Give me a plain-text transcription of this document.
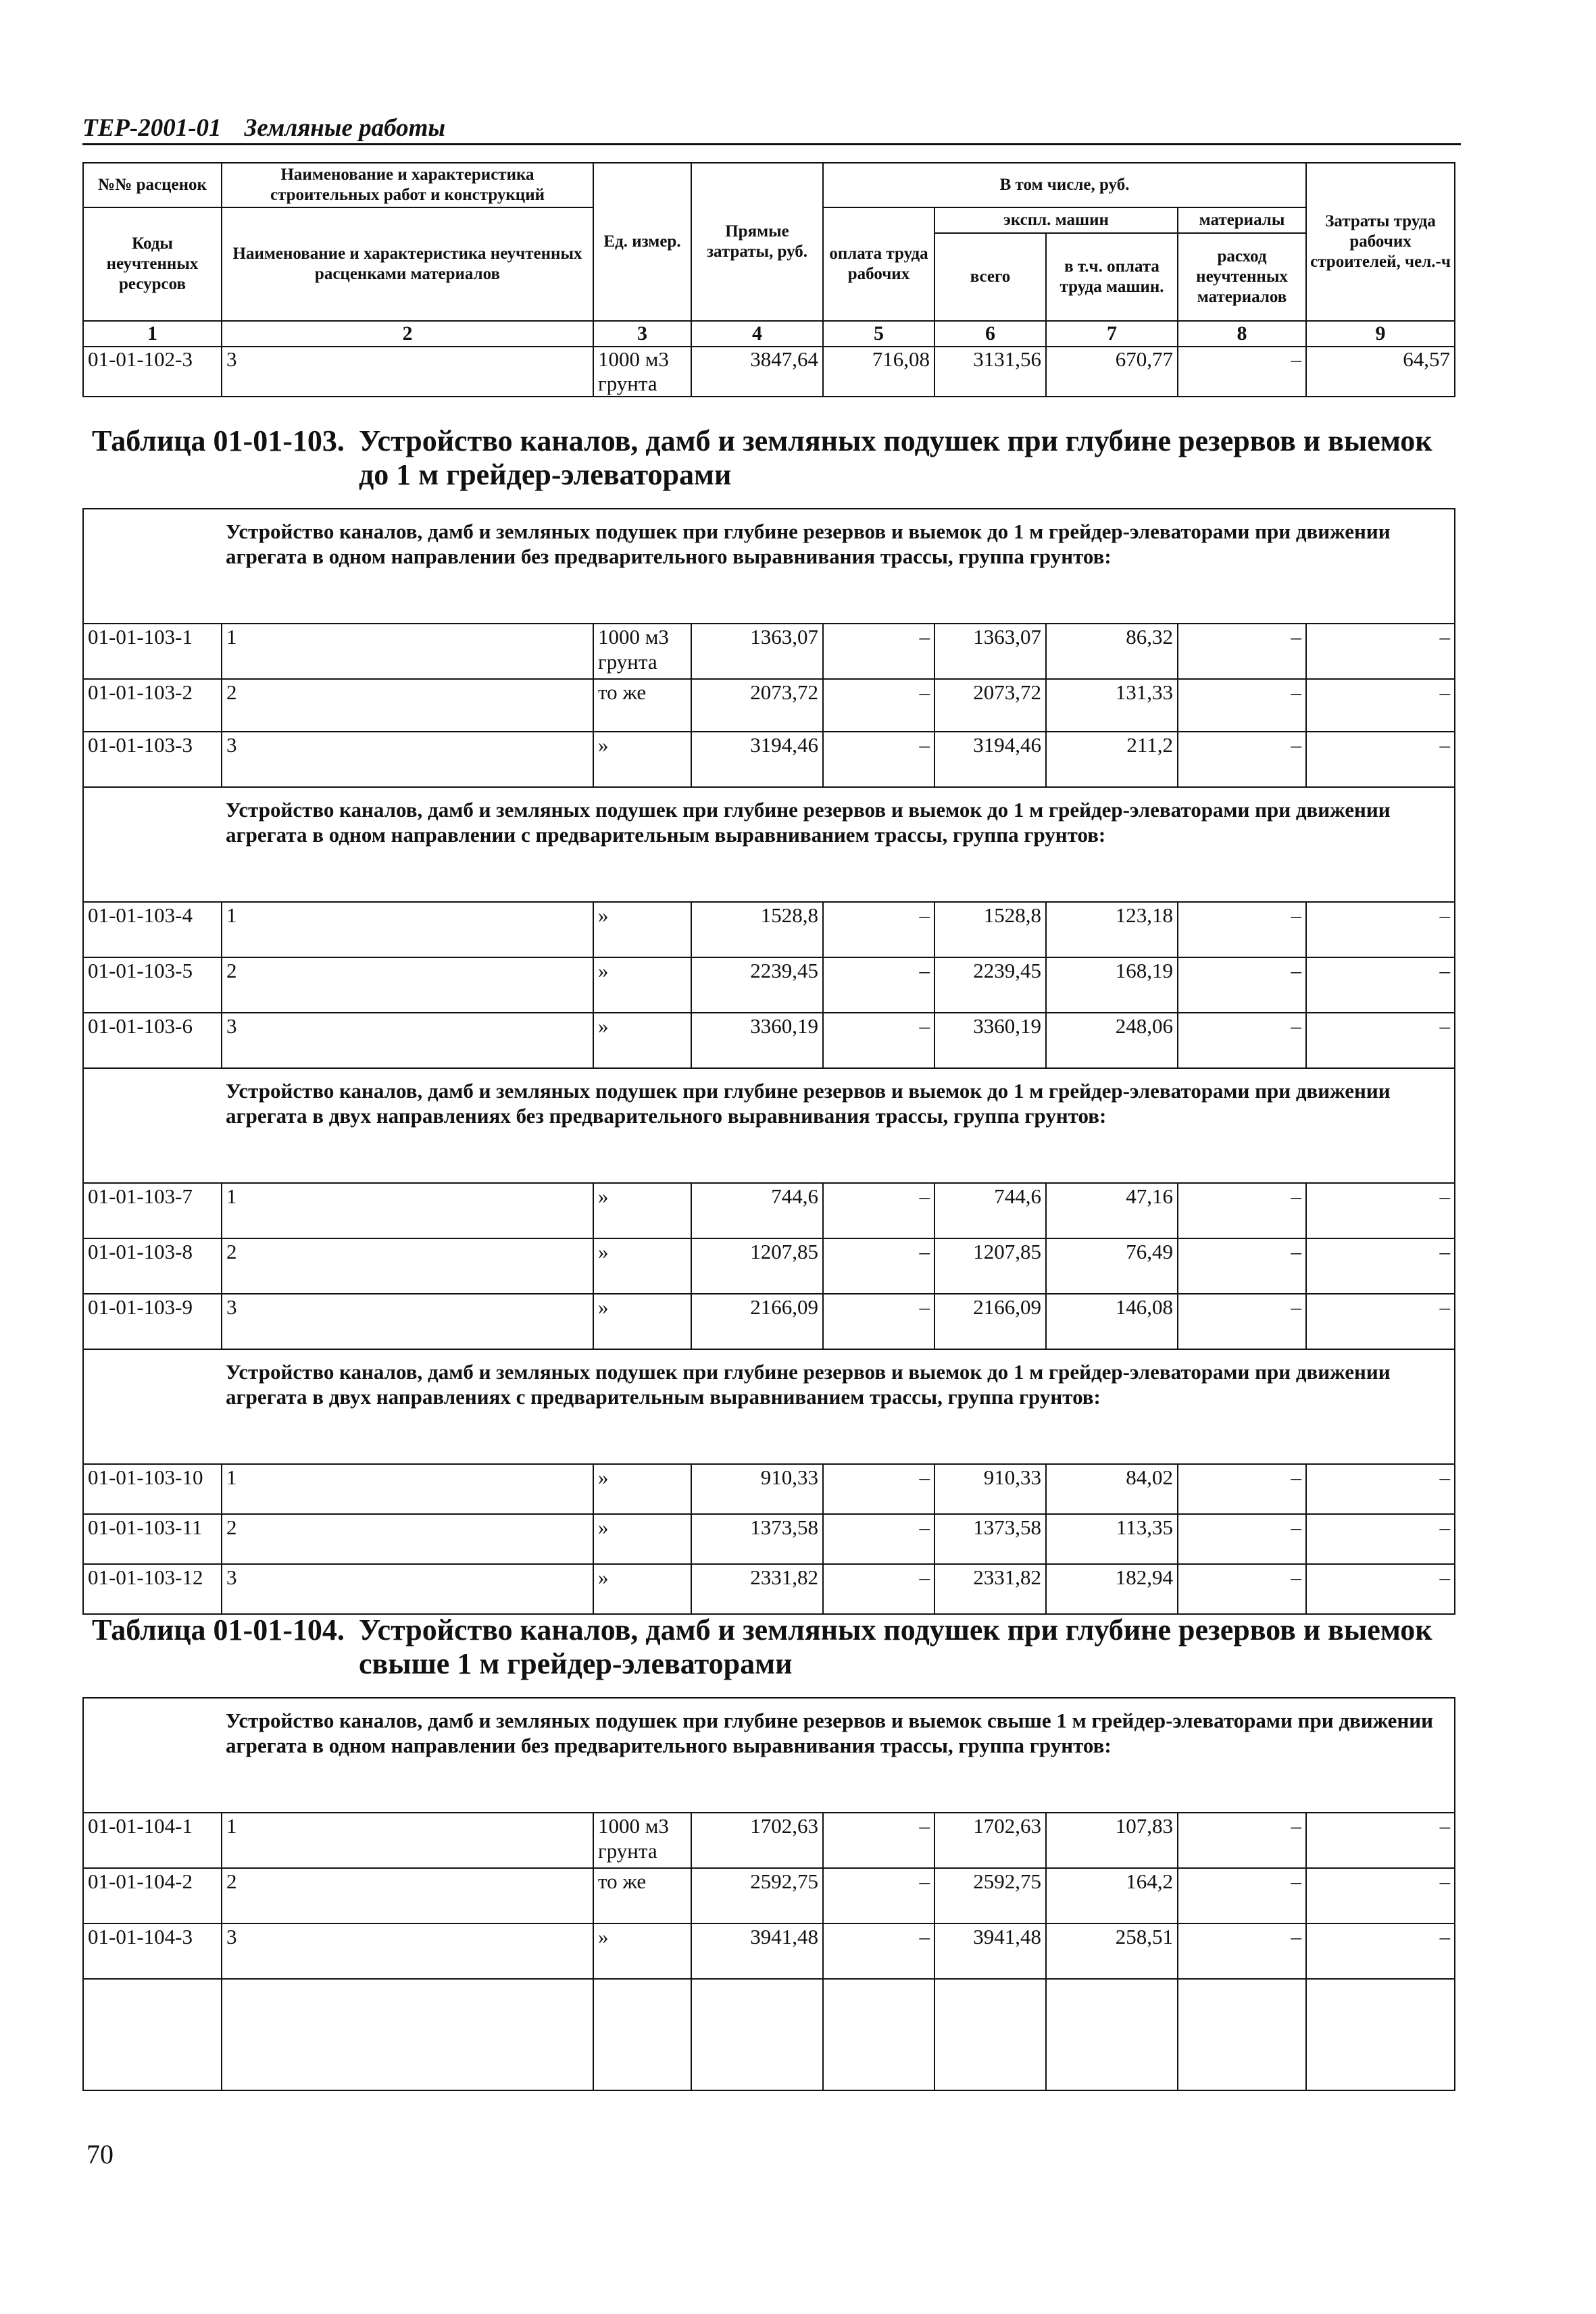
ТЕР-2001-01 Земляные работы
№№ расценок	Наименование и характеристика строительных работ и конструкций	Ед. измер.	Прямые затраты, руб.	В том числе, руб.				Затраты труда рабочих строителей, чел.-ч
Коды неучтенных ресурсов	Наименование и характеристика неучтенных расценками материалов			оплата труда рабочих	экспл. машин		материалы	
					всего	в т.ч. оплата труда машин.	расход неучтенных материалов	
1	2	3	4	5	6	7	8	9
01-01-102-3	3	1000 м3 грунта	3847,64	716,08	3131,56	670,77	–	64,57
Таблица 01-01-103. Устройство каналов, дамб и земляных подушек при глубине резервов и выемок
до 1 м грейдер-элеваторами
Устройство каналов, дамб и земляных подушек при глубине резервов и выемок до 1 м грейдер-элеваторами при движении агрегата в одном направлении без предварительного выравнивания трассы, группа грунтов:								
01-01-103-1	1	1000 м3 грунта	1363,07	–	1363,07	86,32	–	–
01-01-103-2	2	то же	2073,72	–	2073,72	131,33	–	–
01-01-103-3	3	»	3194,46	–	3194,46	211,2	–	–
Устройство каналов, дамб и земляных подушек при глубине резервов и выемок до 1 м грейдер-элеваторами при движении агрегата в одном направлении с предварительным выравниванием трассы, группа грунтов:								
01-01-103-4	1	»	1528,8	–	1528,8	123,18	–	–
01-01-103-5	2	»	2239,45	–	2239,45	168,19	–	–
01-01-103-6	3	»	3360,19	–	3360,19	248,06	–	–
Устройство каналов, дамб и земляных подушек при глубине резервов и выемок до 1 м грейдер-элеваторами при движении агрегата в двух направлениях без предварительного выравнивания трассы, группа грунтов:								
01-01-103-7	1	»	744,6	–	744,6	47,16	–	–
01-01-103-8	2	»	1207,85	–	1207,85	76,49	–	–
01-01-103-9	3	»	2166,09	–	2166,09	146,08	–	–
Устройство каналов, дамб и земляных подушек при глубине резервов и выемок до 1 м грейдер-элеваторами при движении агрегата в двух направлениях с предварительным выравниванием трассы, группа грунтов:								
01-01-103-10	1	»	910,33	–	910,33	84,02	–	–
01-01-103-11	2	»	1373,58	–	1373,58	113,35	–	–
01-01-103-12	3	»	2331,82	–	2331,82	182,94	–	–
Таблица 01-01-104. Устройство каналов, дамб и земляных подушек при глубине резервов и выемок
свыше 1 м грейдер-элеваторами
Устройство каналов, дамб и земляных подушек при глубине резервов и выемок свыше 1 м грейдер-элеваторами при движении агрегата в одном направлении без предварительного выравнивания трассы, группа грунтов:								
01-01-104-1	1	1000 м3 грунта	1702,63	–	1702,63	107,83	–	–
01-01-104-2	2	то же	2592,75	–	2592,75	164,2	–	–
01-01-104-3	3	»	3941,48	–	3941,48	258,51	–	–

70
